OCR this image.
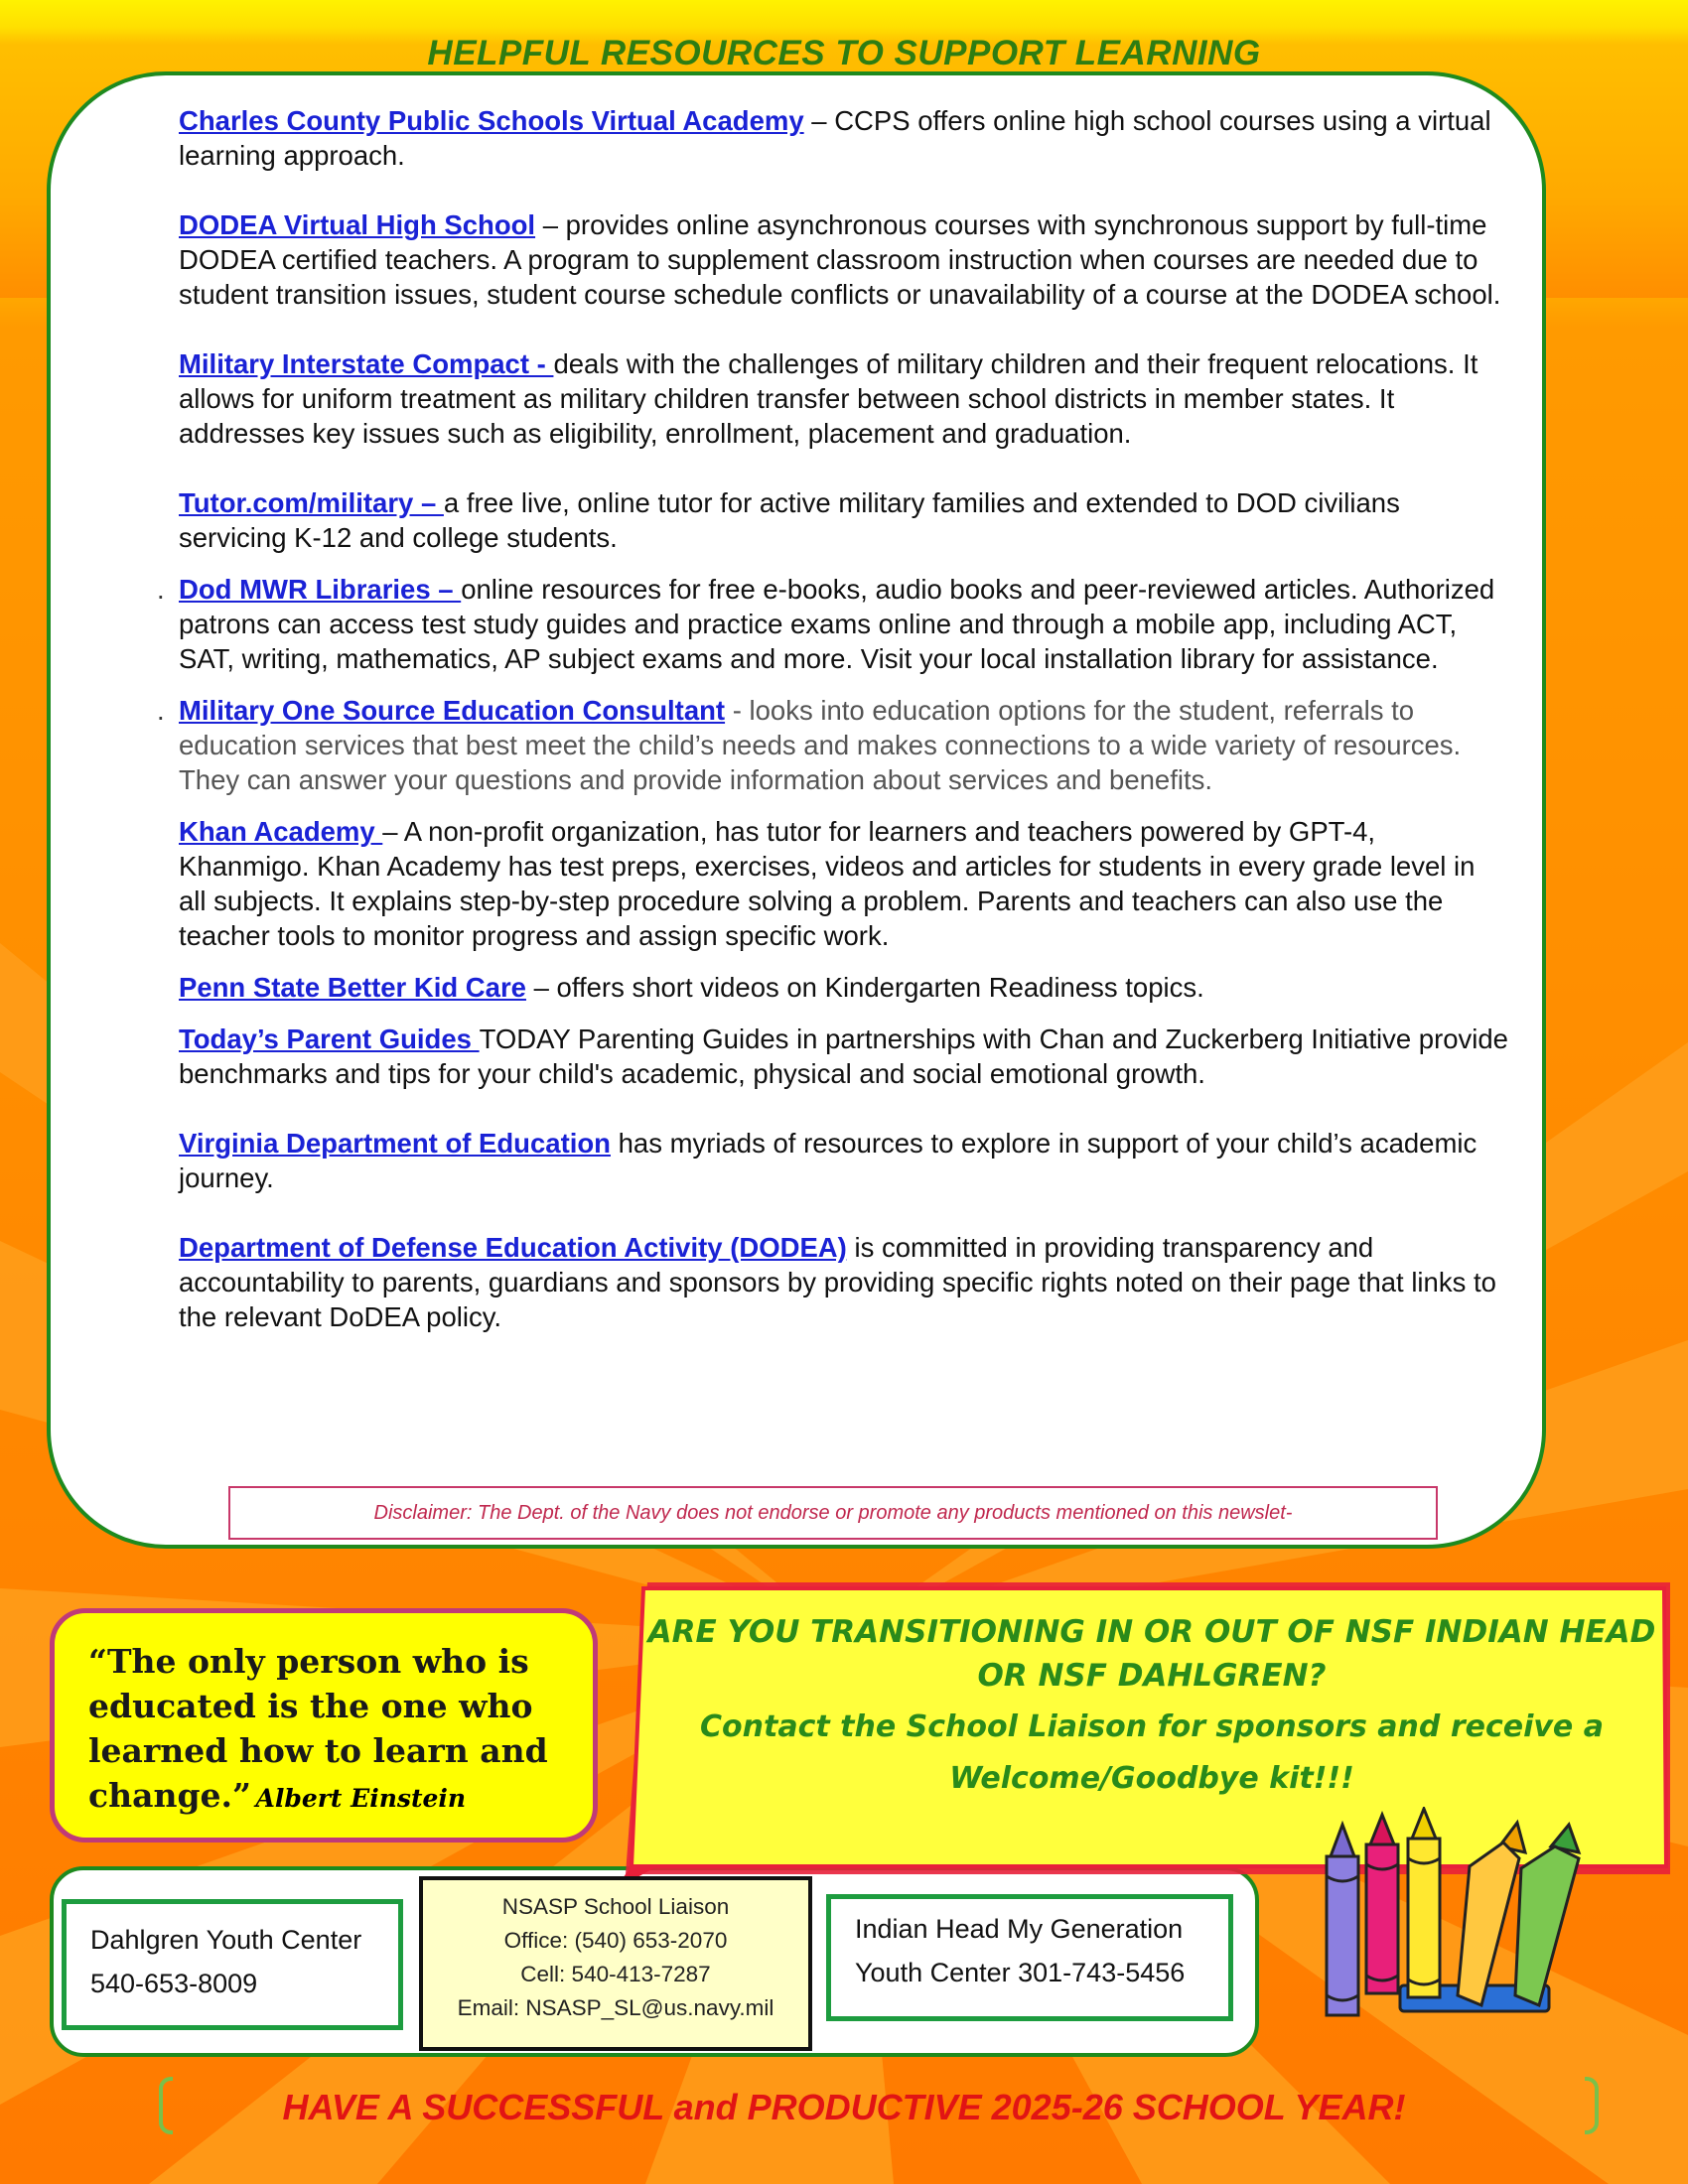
HELPFUL RESOURCES TO SUPPORT LEARNING

Charles County Public Schools Virtual Academy – CCPS offers online high school courses using a virtual learning approach.

DODEA Virtual High School – provides online asynchronous courses with synchronous support by full-time DODEA certified teachers. A program to supplement classroom instruction when courses are needed due to student transition issues, student course schedule conflicts or unavailability of a course at the DODEA school.

Military Interstate Compact - deals with the challenges of military children and their frequent relocations. It allows for uniform treatment as military children transfer between school districts in member states. It addresses key issues such as eligibility, enrollment, placement and graduation.

Tutor.com/military – a free live, online tutor for active military families and extended to DOD civilians servicing K-12 and college students.

. Dod MWR Libraries – online resources for free e-books, audio books and peer-reviewed articles. Authorized patrons can access test study guides and practice exams online and through a mobile app, including ACT, SAT, writing, mathematics, AP subject exams and more. Visit your local installation library for assistance.

. Military One Source Education Consultant - looks into education options for the student, referrals to education services that best meet the child’s needs and makes connections to a wide variety of resources. They can answer your questions and provide information about services and benefits.

Khan Academy – A non-profit organization, has tutor for learners and teachers powered by GPT-4, Khanmigo. Khan Academy has test preps, exercises, videos and articles for students in every grade level in all subjects. It explains step-by-step procedure solving a problem. Parents and teachers can also use the teacher tools to monitor progress and assign specific work.

Penn State Better Kid Care – offers short videos on Kindergarten Readiness topics.

Today’s Parent Guides TODAY Parenting Guides in partnerships with Chan and Zuckerberg Initiative provide benchmarks and tips for your child's academic, physical and social emotional growth.

Virginia Department of Education has myriads of resources to explore in support of your child’s academic journey.

Department of Defense Education Activity (DODEA) is committed in providing transparency and accountability to parents, guardians and sponsors by providing specific rights noted on their page that links to the relevant DoDEA policy.

Disclaimer: The Dept. of the Navy does not endorse or promote any products mentioned on this newslet-
“The only person who is educated is the one who learned how to learn and change.” Albert Einstein
ARE YOU TRANSITIONING IN OR OUT OF NSF INDIAN HEAD OR NSF DAHLGREN?
Contact the School Liaison for sponsors and receive a Welcome/Goodbye kit!!!
Dahlgren Youth Center
540-653-8009
NSASP School Liaison
Office: (540) 653-2070
Cell: 540-413-7287
Email: NSASP_SL@us.navy.mil
Indian Head My Generation
Youth Center 301-743-5456
HAVE A SUCCESSFUL and PRODUCTIVE 2025-26 SCHOOL YEAR!
